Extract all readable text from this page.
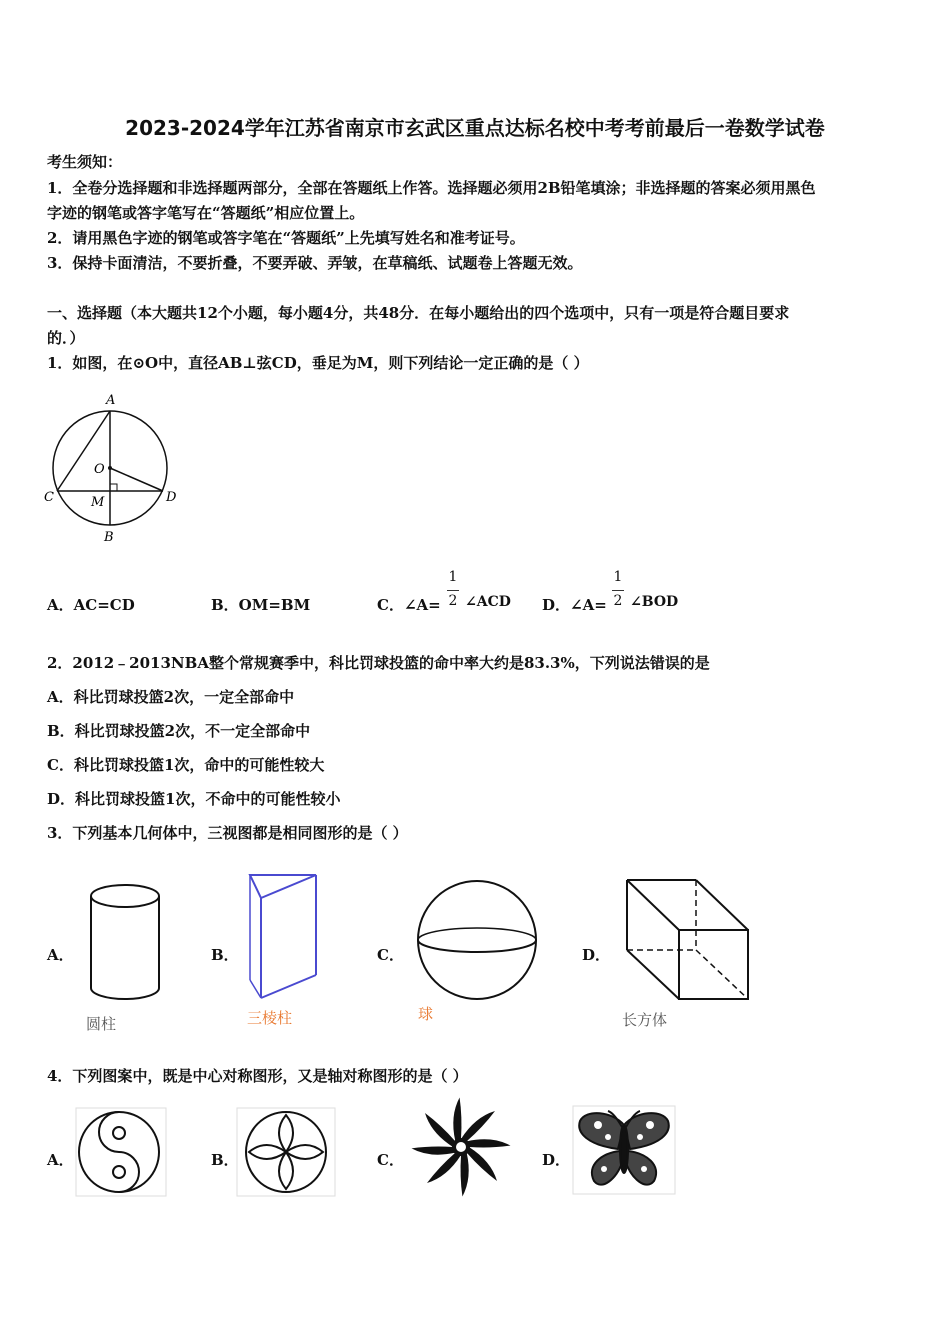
2023-2024学年江苏省南京市玄武区重点达标名校中考考前最后一卷数学试卷
考生须知：
1．全卷分选择题和非选择题两部分，全部在答题纸上作答。选择题必须用2B铅笔填涂；非选择题的答案必须用黑色
字迹的钢笔或答字笔写在“答题纸”相应位置上。
2．请用黑色字迹的钢笔或答字笔在“答题纸”上先填写姓名和准考证号。
3．保持卡面清洁，不要折叠，不要弄破、弄皱，在草稿纸、试题卷上答题无效。
一、选择题（本大题共12个小题，每小题4分，共48分．在每小题给出的四个选项中，只有一项是符合题目要求
的．）
1．如图，在⊙O中，直径AB⊥弦CD，垂足为M，则下列结论一定正确的是（ ）
A
O
C	M	D
B
A．AC=CD	B．OM=BM	C．∠A=
1
2 ∠ACD D．∠A=
1
2 ∠BOD
2．2012﹣2013NBA整个常规赛季中，科比罚球投篮的命中率大约是83.3%，下列说法错误的是
A．科比罚球投篮2次，一定全部命中
B．科比罚球投篮2次，不一定全部命中
C．科比罚球投篮1次，命中的可能性较大
D．科比罚球投篮1次，不命中的可能性较小
3．下列基本几何体中，三视图都是相同图形的是（ ）
A．
圆柱
B．
三棱柱
C．
球
D．
长方体
4．下列图案中，既是中心对称图形，又是轴对称图形的是（ ）
A．	B．	C．	D．
